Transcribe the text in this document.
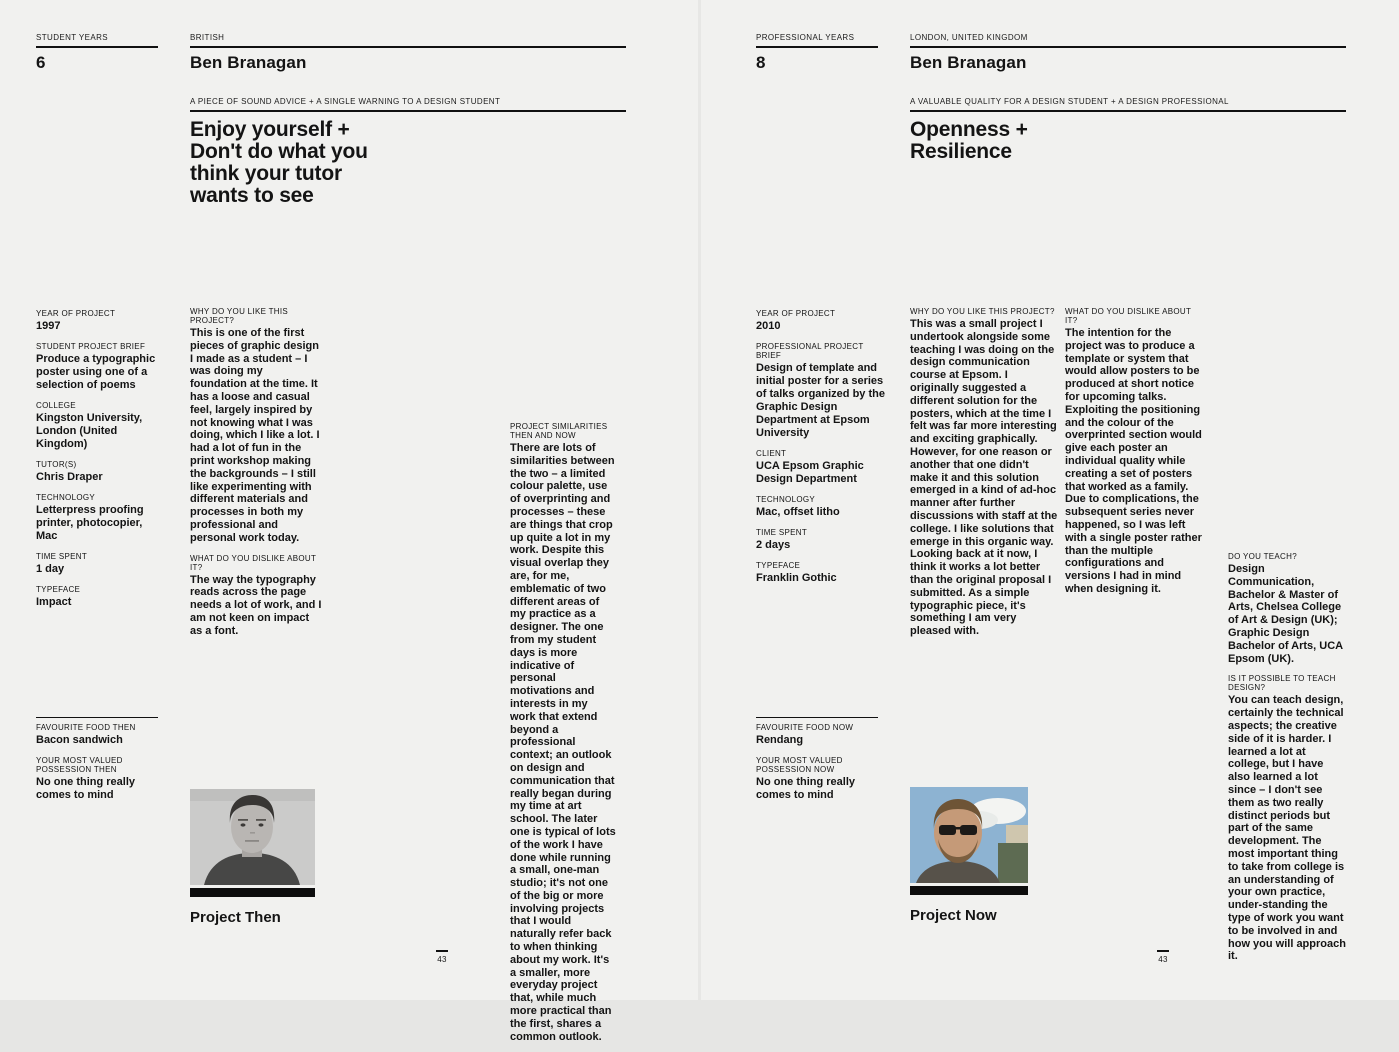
STUDENT YEARS
6
BRITISH
Ben Branagan
A PIECE OF SOUND ADVICE + A SINGLE WARNING TO A DESIGN STUDENT
Enjoy yourself +
Don't do what you
think your tutor
wants to see
YEAR OF PROJECT
1997
STUDENT PROJECT BRIEF
Produce a typographic poster using one of a selection of poems
COLLEGE
Kingston University, London (United Kingdom)
TUTOR(S)
Chris Draper
TECHNOLOGY
Letterpress proofing printer, photocopier, Mac
TIME SPENT
1 day
TYPEFACE
Impact
WHY DO YOU LIKE THIS PROJECT?
This is one of the first pieces of graphic design I made as a student – I was doing my foundation at the time. It has a loose and casual feel, largely inspired by not knowing what I was doing, which I like a lot. I had a lot of fun in the print workshop making the backgrounds – I still like experimenting with different materials and processes in both my professional and personal work today.
WHAT DO YOU DISLIKE ABOUT IT?
The way the typography reads across the page needs a lot of work, and I am not keen on impact as a font.
PROJECT SIMILARITIES THEN AND NOW
There are lots of similarities between the two – a limited colour palette, use of overprinting and processes – these are things that crop up quite a lot in my work. Despite this visual overlap they are, for me, emblematic of two different areas of my practice as a designer. The one from my student days is more indicative of personal motivations and interests in my work that extend beyond a professional context; an outlook on design and communication that really began during my time at art school. The later one is typical of lots of the work I have done while running a small, one-man studio; it's not one of the big or more involving projects that I would naturally refer back to when thinking about my work. It's a smaller, more everyday project that, while much more practical than the first, shares a common outlook.
FAVOURITE FOOD THEN
Bacon sandwich
YOUR MOST VALUED POSSESSION THEN
No one thing really comes to mind
Project Then
43
PROFESSIONAL YEARS
8
LONDON, UNITED KINGDOM
Ben Branagan
A VALUABLE QUALITY FOR A DESIGN STUDENT + A DESIGN PROFESSIONAL
Openness +
Resilience
YEAR OF PROJECT
2010
PROFESSIONAL PROJECT BRIEF
Design of template and initial poster for a series of talks organized by the Graphic Design Department at Epsom University
CLIENT
UCA Epsom Graphic Design Department
TECHNOLOGY
Mac, offset litho
TIME SPENT
2 days
TYPEFACE
Franklin Gothic
WHY DO YOU LIKE THIS PROJECT?
This was a small project I undertook alongside some teaching I was doing on the design communication course at Epsom. I originally suggested a different solution for the posters, which at the time I felt was far more interesting and exciting graphically. However, for one reason or another that one didn't make it and this solution emerged in a kind of ad-hoc manner after further discussions with staff at the college. I like solutions that emerge in this organic way. Looking back at it now, I think it works a lot better than the original proposal I submitted. As a simple typographic piece, it's something I am very pleased with.
WHAT DO YOU DISLIKE ABOUT IT?
The intention for the project was to produce a template or system that would allow posters to be produced at short notice for upcoming talks. Exploiting the positioning and the colour of the overprinted section would give each poster an individual quality while creating a set of posters that worked as a family. Due to complications, the subsequent series never happened, so I was left with a single poster rather than the multiple configurations and versions I had in mind when designing it.
DO YOU TEACH?
Design Communication, Bachelor & Master of Arts, Chelsea College of Art & Design (UK); Graphic Design Bachelor of Arts, UCA Epsom (UK).
IS IT POSSIBLE TO TEACH DESIGN?
You can teach design, certainly the technical aspects; the creative side of it is harder. I learned a lot at college, but I have also learned a lot since – I don't see them as two really distinct periods but part of the same development. The most important thing to take from college is an understanding of your own practice, under-standing the type of work you want to be involved in and how you will approach it.
FAVOURITE FOOD NOW
Rendang
YOUR MOST VALUED POSSESSION NOW
No one thing really comes to mind
Project Now
43
